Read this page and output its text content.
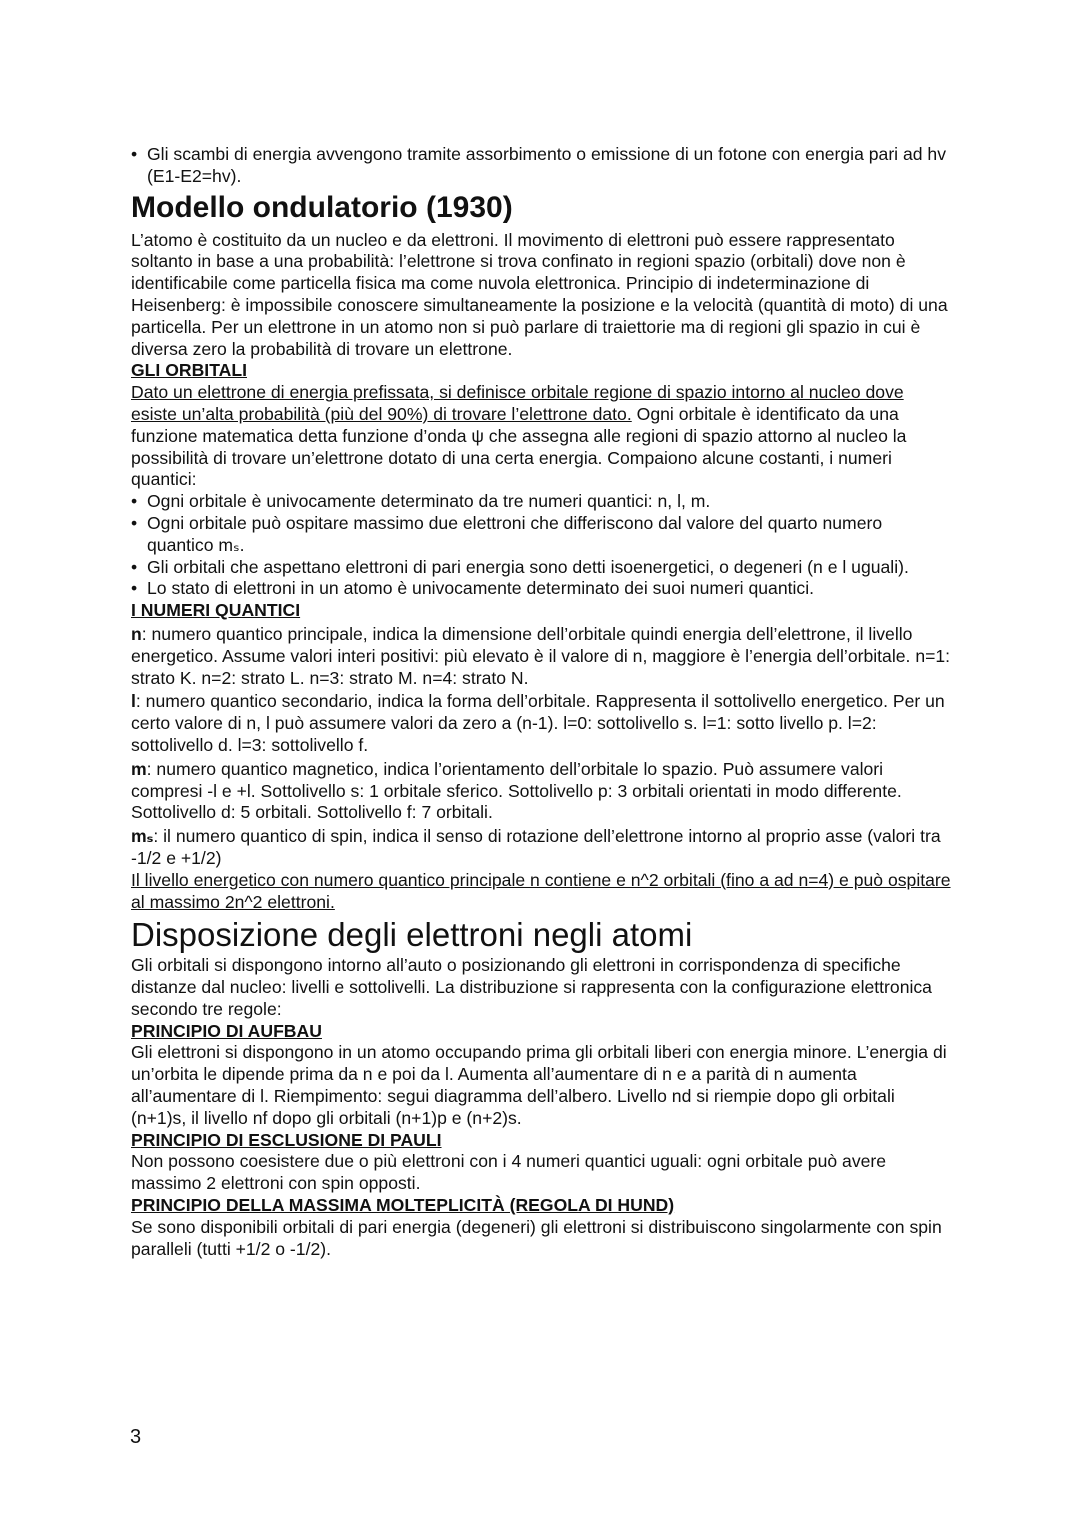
• Gli scambi di energia avvengono tramite assorbimento o emissione di un fotone con energia pari ad hv (E1-E2=hv).
Modello ondulatorio (1930)

L’atomo è costituito da un nucleo e da elettroni. Il movimento di elettroni può essere rappresentato soltanto in base a una probabilità: l’elettrone si trova confinato in regioni spazio (orbitali) dove non è identificabile come particella fisica ma come nuvola elettronica. Principio di indeterminazione di Heisenberg: è impossibile conoscere simultaneamente la posizione e la velocità (quantità di moto) di una particella. Per un elettrone in un atomo non si può parlare di traiettorie ma di regioni gli spazio in cui è diversa zero la probabilità di trovare un elettrone.

GLI ORBITALI

Dato un elettrone di energia prefissata, si definisce orbitale regione di spazio intorno al nucleo dove esiste un’alta probabilità (più del 90%) di trovare l’elettrone dato. Ogni orbitale è identificato da una funzione matematica detta funzione d’onda ψ che assegna alle regioni di spazio attorno al nucleo la possibilità di trovare un’elettrone dotato di una certa energia. Compaiono alcune costanti, i numeri quantici:

• Ogni orbitale è univocamente determinato da tre numeri quantici: n, l, m.
• Ogni orbitale può ospitare massimo due elettroni che differiscono dal valore del quarto numero quantico mₛ.
• Gli orbitali che aspettano elettroni di pari energia sono detti isoenergetici, o degeneri (n e l uguali).
• Lo stato di elettroni in un atomo è univocamente determinato dei suoi numeri quantici.

I NUMERI QUANTICI

n: numero quantico principale, indica la dimensione dell’orbitale quindi energia dell’elettrone, il livello energetico. Assume valori interi positivi: più elevato è il valore di n, maggiore è l’energia dell’orbitale. n=1: strato K. n=2: strato L. n=3: strato M. n=4: strato N.

l: numero quantico secondario, indica la forma dell’orbitale. Rappresenta il sottolivello energetico. Per un certo valore di n, l può assumere valori da zero a (n-1). l=0: sottolivello s. l=1: sotto livello p. l=2: sottolivello d. l=3: sottolivello f.

m: numero quantico magnetico, indica l’orientamento dell’orbitale lo spazio. Può assumere valori compresi -l e +l. Sottolivello s: 1 orbitale sferico. Sottolivello p: 3 orbitali orientati in modo differente. Sottolivello d: 5 orbitali. Sottolivello f: 7 orbitali.

mₛ: il numero quantico di spin, indica il senso di rotazione dell’elettrone intorno al proprio asse (valori tra -1/2 e +1/2)

Il livello energetico con numero quantico principale n contiene e n^2 orbitali (fino a ad n=4) e può ospitare al massimo 2n^2 elettroni.

Disposizione degli elettroni negli atomi

Gli orbitali si dispongono intorno all’auto o posizionando gli elettroni in corrispondenza di specifiche distanze dal nucleo: livelli e sottolivelli. La distribuzione si rappresenta con la configurazione elettronica secondo tre regole:

PRINCIPIO DI AUFBAU

Gli elettroni si dispongono in un atomo occupando prima gli orbitali liberi con energia minore. L’energia di un’orbita le dipende prima da n e poi da l. Aumenta all’aumentare di n e a parità di n aumenta all’aumentare di l. Riempimento: segui diagramma dell’albero. Livello nd si riempie dopo gli orbitali (n+1)s, il livello nf dopo gli orbitali (n+1)p e (n+2)s.

PRINCIPIO DI ESCLUSIONE DI PAULI

Non possono coesistere due o più elettroni con i 4 numeri quantici uguali: ogni orbitale può avere massimo 2 elettroni con spin opposti.

PRINCIPIO DELLA MASSIMA MOLTEPLICITÀ (REGOLA DI HUND)

Se sono disponibili orbitali di pari energia (degeneri) gli elettroni si distribuiscono singolarmente con spin paralleli (tutti +1/2 o -1/2).

3
